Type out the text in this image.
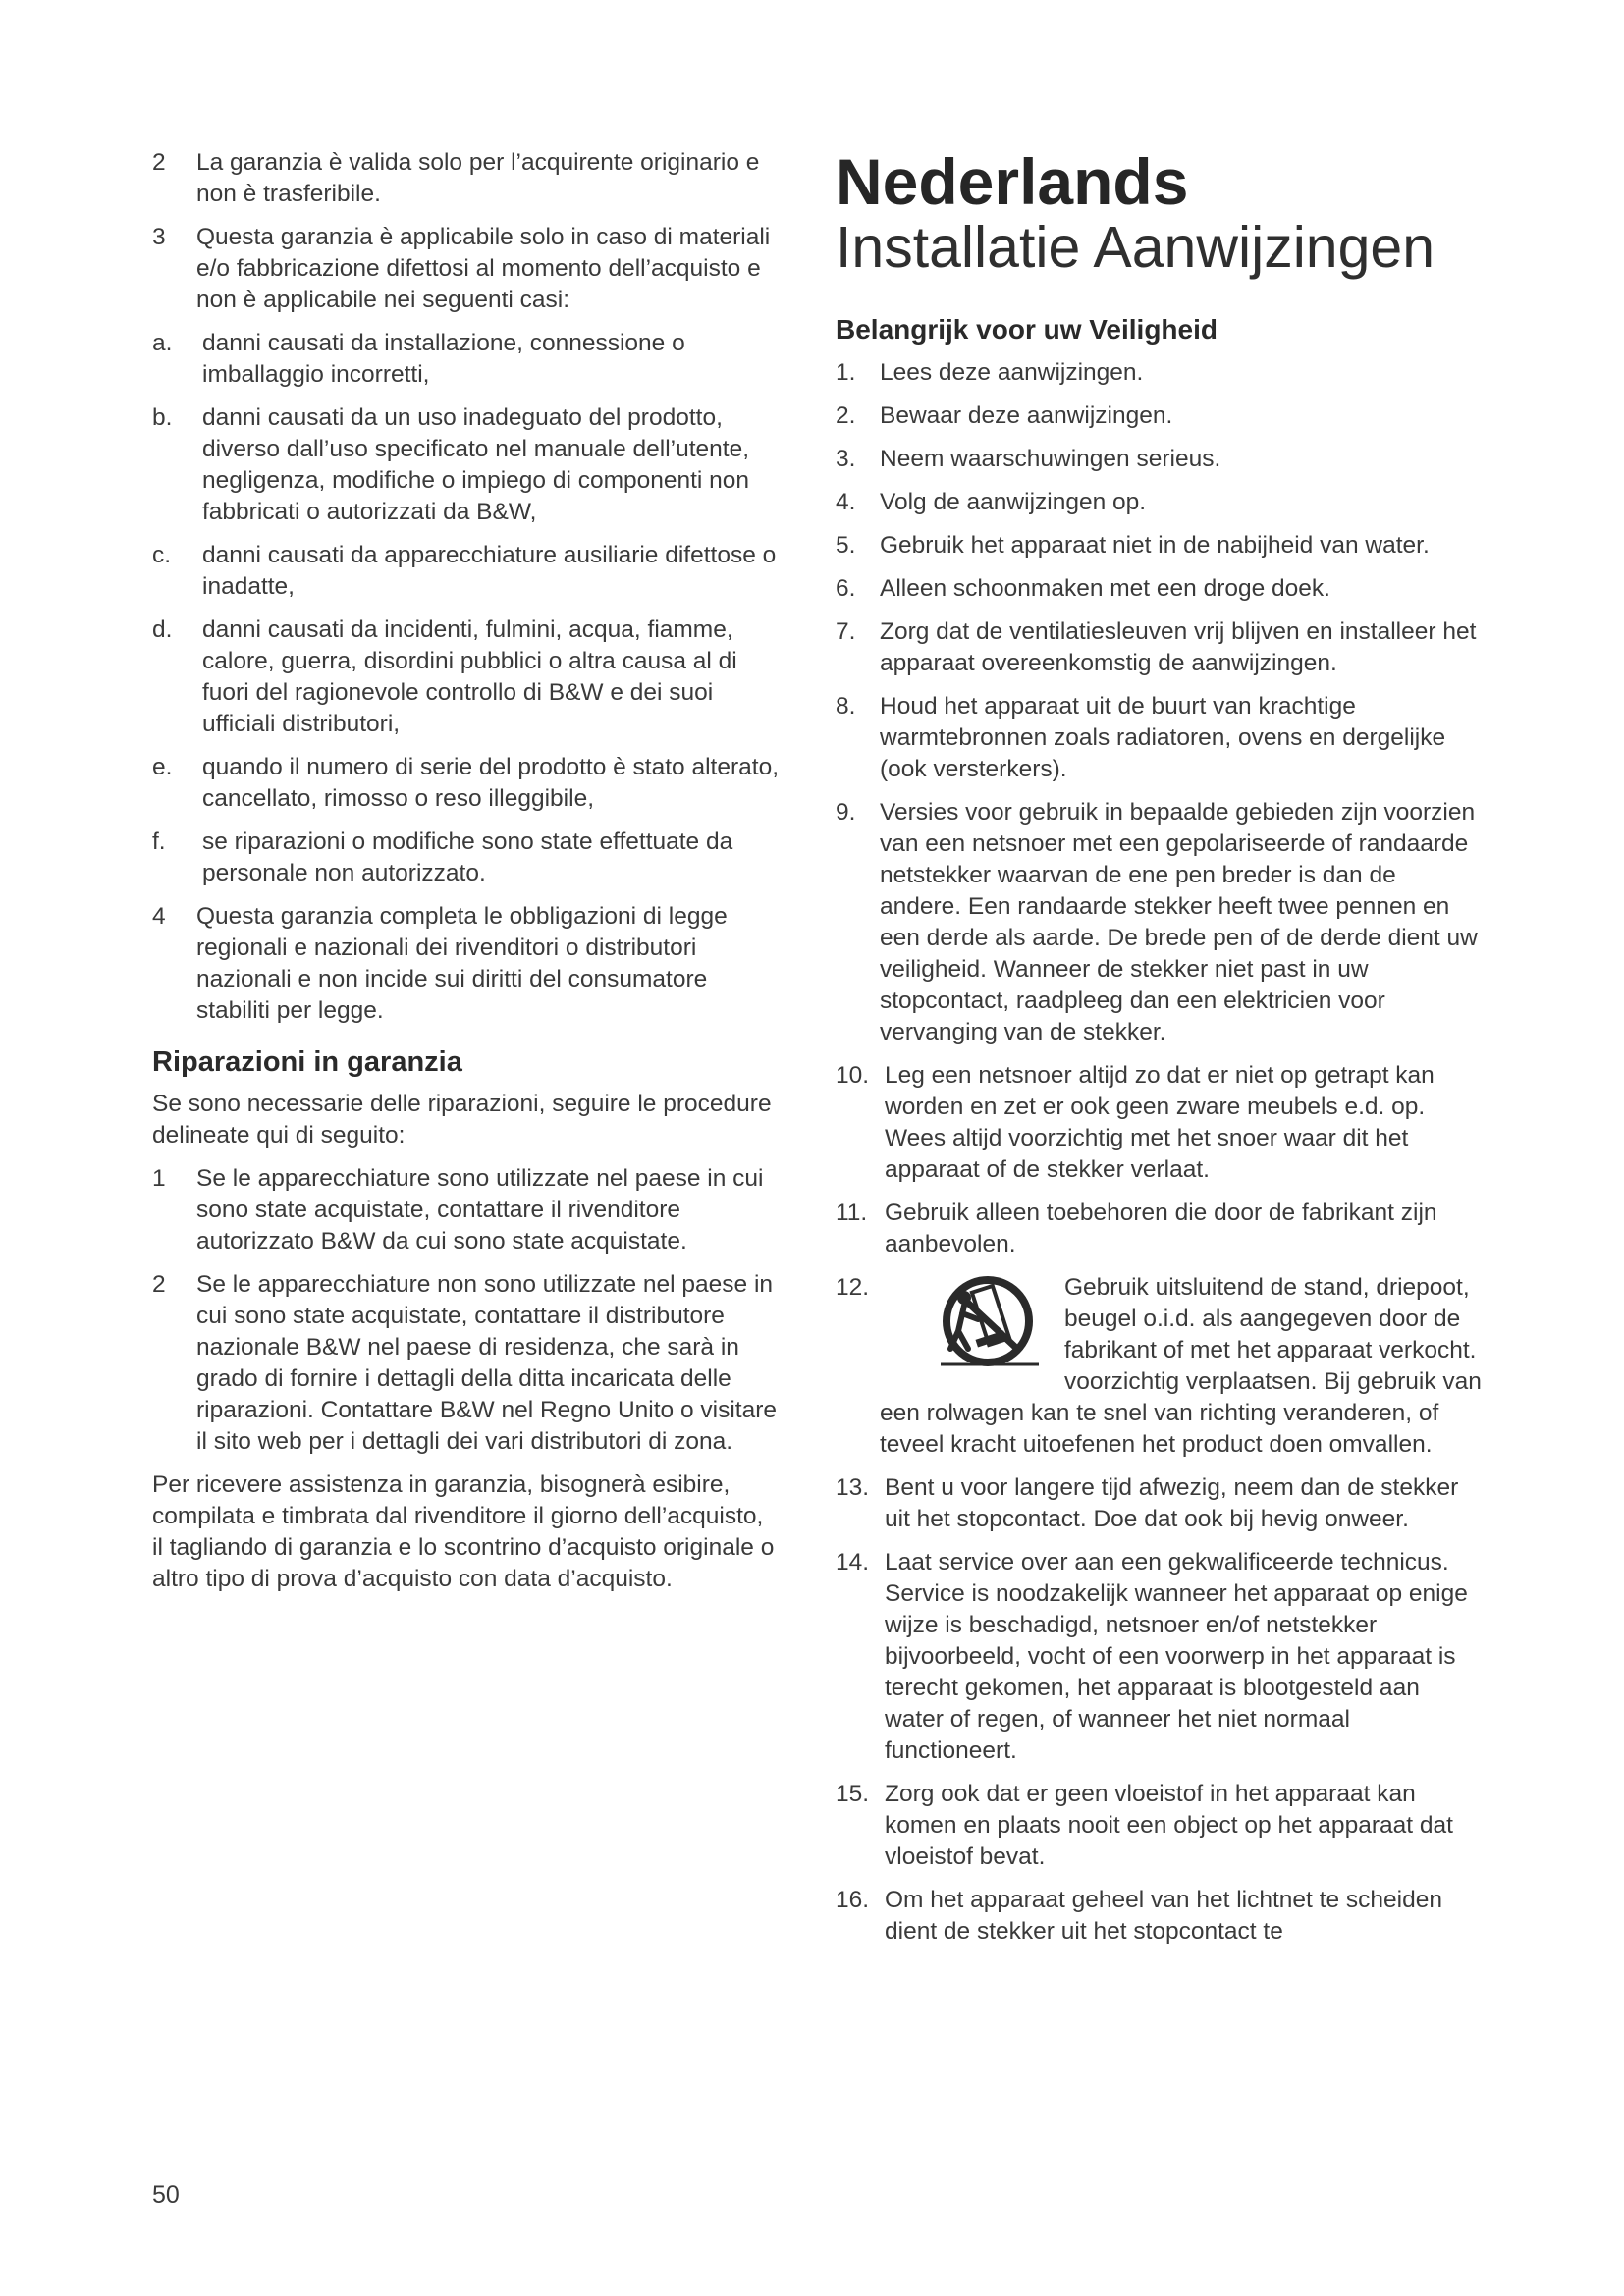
2	La garanzia è valida solo per l’acquirente originario e non è trasferibile.
3	Questa garanzia è applicabile solo in caso di materiali e/o fabbricazione difettosi al momento dell’acquisto e non è applicabile nei seguenti casi:
a.	danni causati da installazione, connessione o imballaggio incorretti,
b.	danni causati da un uso inadeguato del prodotto, diverso dall’uso specificato nel manuale dell’utente, negligenza, modifiche o impiego di componenti non fabbricati o autorizzati da B&W,
c.	danni causati da apparecchiature ausiliarie difettose o inadatte,
d.	danni causati da incidenti, fulmini, acqua, fiamme, calore, guerra, disordini pubblici o altra causa al di fuori del ragionevole controllo di B&W e dei suoi ufficiali distributori,
e.	quando il numero di serie del prodotto è stato alterato, cancellato, rimosso o reso illeggibile,
f.	se riparazioni o modifiche sono state effettuate da personale non autorizzato.
4	Questa garanzia completa le obbligazioni di legge regionali e nazionali dei rivenditori o distributori nazionali e non incide sui diritti del consumatore stabiliti per legge.
Riparazioni in garanzia
Se sono necessarie delle riparazioni, seguire le procedure delineate qui di seguito:
1	Se le apparecchiature sono utilizzate nel paese in cui sono state acquistate, contattare il rivenditore autorizzato B&W da cui sono state acquistate.
2	Se le apparecchiature non sono utilizzate nel paese in cui sono state acquistate, contattare il distributore nazionale B&W nel paese di residenza, che sarà in grado di fornire i dettagli della ditta incaricata delle riparazioni. Contattare B&W nel Regno Unito o visitare il sito web per i dettagli dei vari distributori di zona.
Per ricevere assistenza in garanzia, bisognerà esibire, compilata e timbrata dal rivenditore il giorno dell’acquisto, il tagliando di garanzia e lo scontrino d’acquisto originale o altro tipo di prova d’acquisto con data d’acquisto.
Nederlands
Installatie Aanwijzingen
Belangrijk voor uw Veiligheid
1.	Lees deze aanwijzingen.
2.	Bewaar deze aanwijzingen.
3.	Neem waarschuwingen serieus.
4.	Volg de aanwijzingen op.
5.	Gebruik het apparaat niet in de nabijheid van water.
6.	Alleen schoonmaken met een droge doek.
7.	Zorg dat de ventilatiesleuven vrij blijven en installeer het apparaat overeenkomstig de aanwijzingen.
8.	Houd het apparaat uit de buurt van krachtige warmtebronnen zoals radiatoren, ovens en dergelijke (ook versterkers).
9.	Versies voor gebruik in bepaalde gebieden zijn voorzien van een netsnoer met een gepolariseerde of randaarde netstekker waarvan de ene pen breder is dan de andere. Een randaarde stekker heeft twee pennen en een derde als aarde. De brede pen of de derde dient uw veiligheid. Wanneer de stekker niet past in uw stopcontact, raadpleeg dan een elektricien voor vervanging van de stekker.
10. Leg een netsnoer altijd zo dat er niet op getrapt kan worden en zet er ook geen zware meubels e.d. op. Wees altijd voorzichtig met het snoer waar dit het apparaat of de stekker verlaat.
11. Gebruik alleen toebehoren die door de fabrikant zijn aanbevolen.
12.	Gebruik uitsluitend de stand, driepoot, beugel o.i.d. als aangegeven door de fabrikant of met het apparaat verkocht. voorzichtig verplaatsen. Bij gebruik van een rolwagen kan te snel van richting veranderen, of teveel kracht uitoefenen het product doen omvallen.
13. Bent u voor langere tijd afwezig, neem dan de stekker uit het stopcontact. Doe dat ook bij hevig onweer.
14. Laat service over aan een gekwalificeerde technicus. Service is noodzakelijk wanneer het apparaat op enige wijze is beschadigd, netsnoer en/of netstekker bijvoorbeeld, vocht of een voorwerp in het apparaat is terecht gekomen, het apparaat is blootgesteld aan water of regen, of wanneer het niet normaal functioneert.
15. Zorg ook dat er geen vloeistof in het apparaat kan komen en plaats nooit een object op het apparaat dat vloeistof bevat.
16. Om het apparaat geheel van het lichtnet te scheiden dient de stekker uit het stopcontact te
50
